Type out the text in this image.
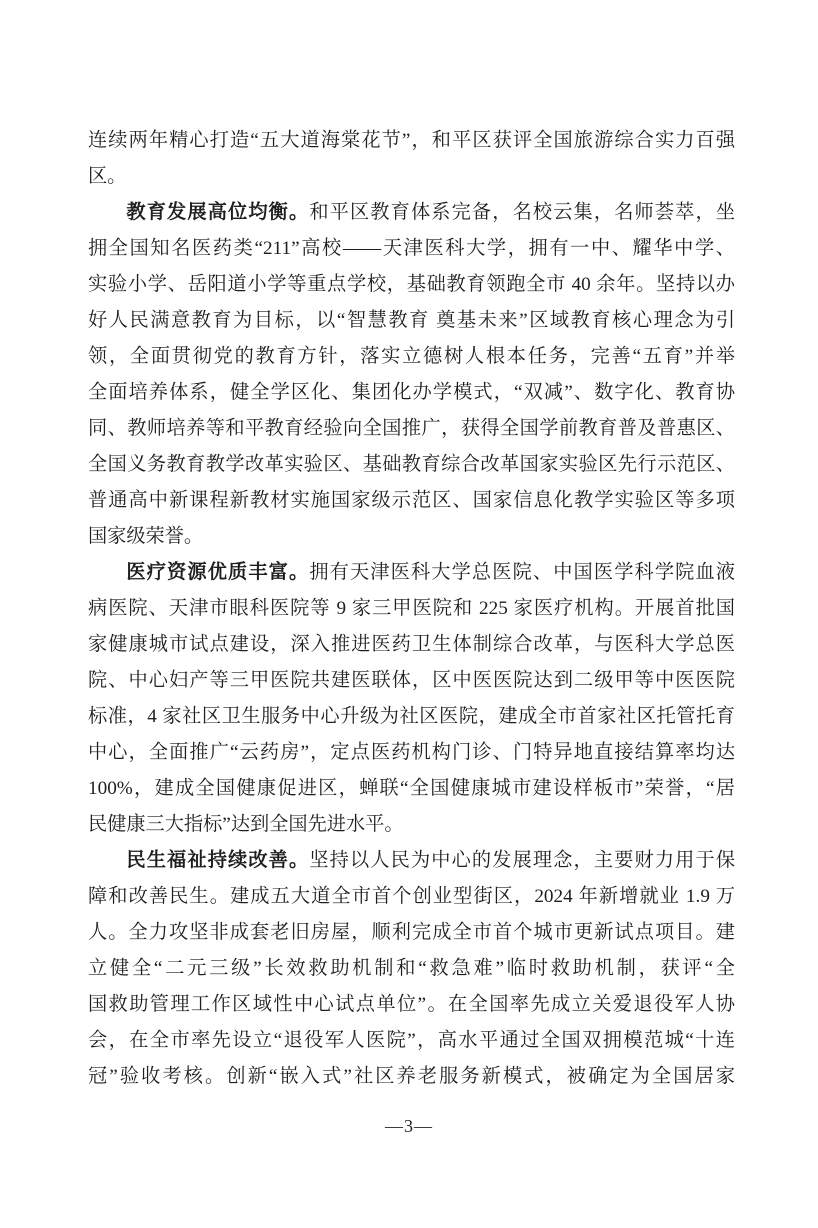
连续两年精心打造“五大道海棠花节”，和平区获评全国旅游综合实力百强
区。
教育发展高位均衡。和平区教育体系完备，名校云集，名师荟萃，坐
拥全国知名医药类“211”高校——天津医科大学，拥有一中、耀华中学、
实验小学、岳阳道小学等重点学校，基础教育领跑全市 40 余年。坚持以办
好人民满意教育为目标，以“智慧教育 奠基未来”区域教育核心理念为引
领，全面贯彻党的教育方针，落实立德树人根本任务，完善“五育”并举
全面培养体系，健全学区化、集团化办学模式，“双减”、数字化、教育协
同、教师培养等和平教育经验向全国推广，获得全国学前教育普及普惠区、
全国义务教育教学改革实验区、基础教育综合改革国家实验区先行示范区、
普通高中新课程新教材实施国家级示范区、国家信息化教学实验区等多项
国家级荣誉。
医疗资源优质丰富。拥有天津医科大学总医院、中国医学科学院血液
病医院、天津市眼科医院等 9 家三甲医院和 225 家医疗机构。开展首批国
家健康城市试点建设，深入推进医药卫生体制综合改革，与医科大学总医
院、中心妇产等三甲医院共建医联体，区中医医院达到二级甲等中医医院
标准，4 家社区卫生服务中心升级为社区医院，建成全市首家社区托管托育
中心，全面推广“云药房”，定点医药机构门诊、门特异地直接结算率均达
100%，建成全国健康促进区，蝉联“全国健康城市建设样板市”荣誉，“居
民健康三大指标”达到全国先进水平。
民生福祉持续改善。坚持以人民为中心的发展理念，主要财力用于保
障和改善民生。建成五大道全市首个创业型街区，2024 年新增就业 1.9 万
人。全力攻坚非成套老旧房屋，顺利完成全市首个城市更新试点项目。建
立健全“二元三级”长效救助机制和“救急难”临时救助机制，获评“全
国救助管理工作区域性中心试点单位”。在全国率先成立关爱退役军人协
会，在全市率先设立“退役军人医院”，高水平通过全国双拥模范城“十连
冠”验收考核。创新“嵌入式”社区养老服务新模式，被确定为全国居家
—3—
